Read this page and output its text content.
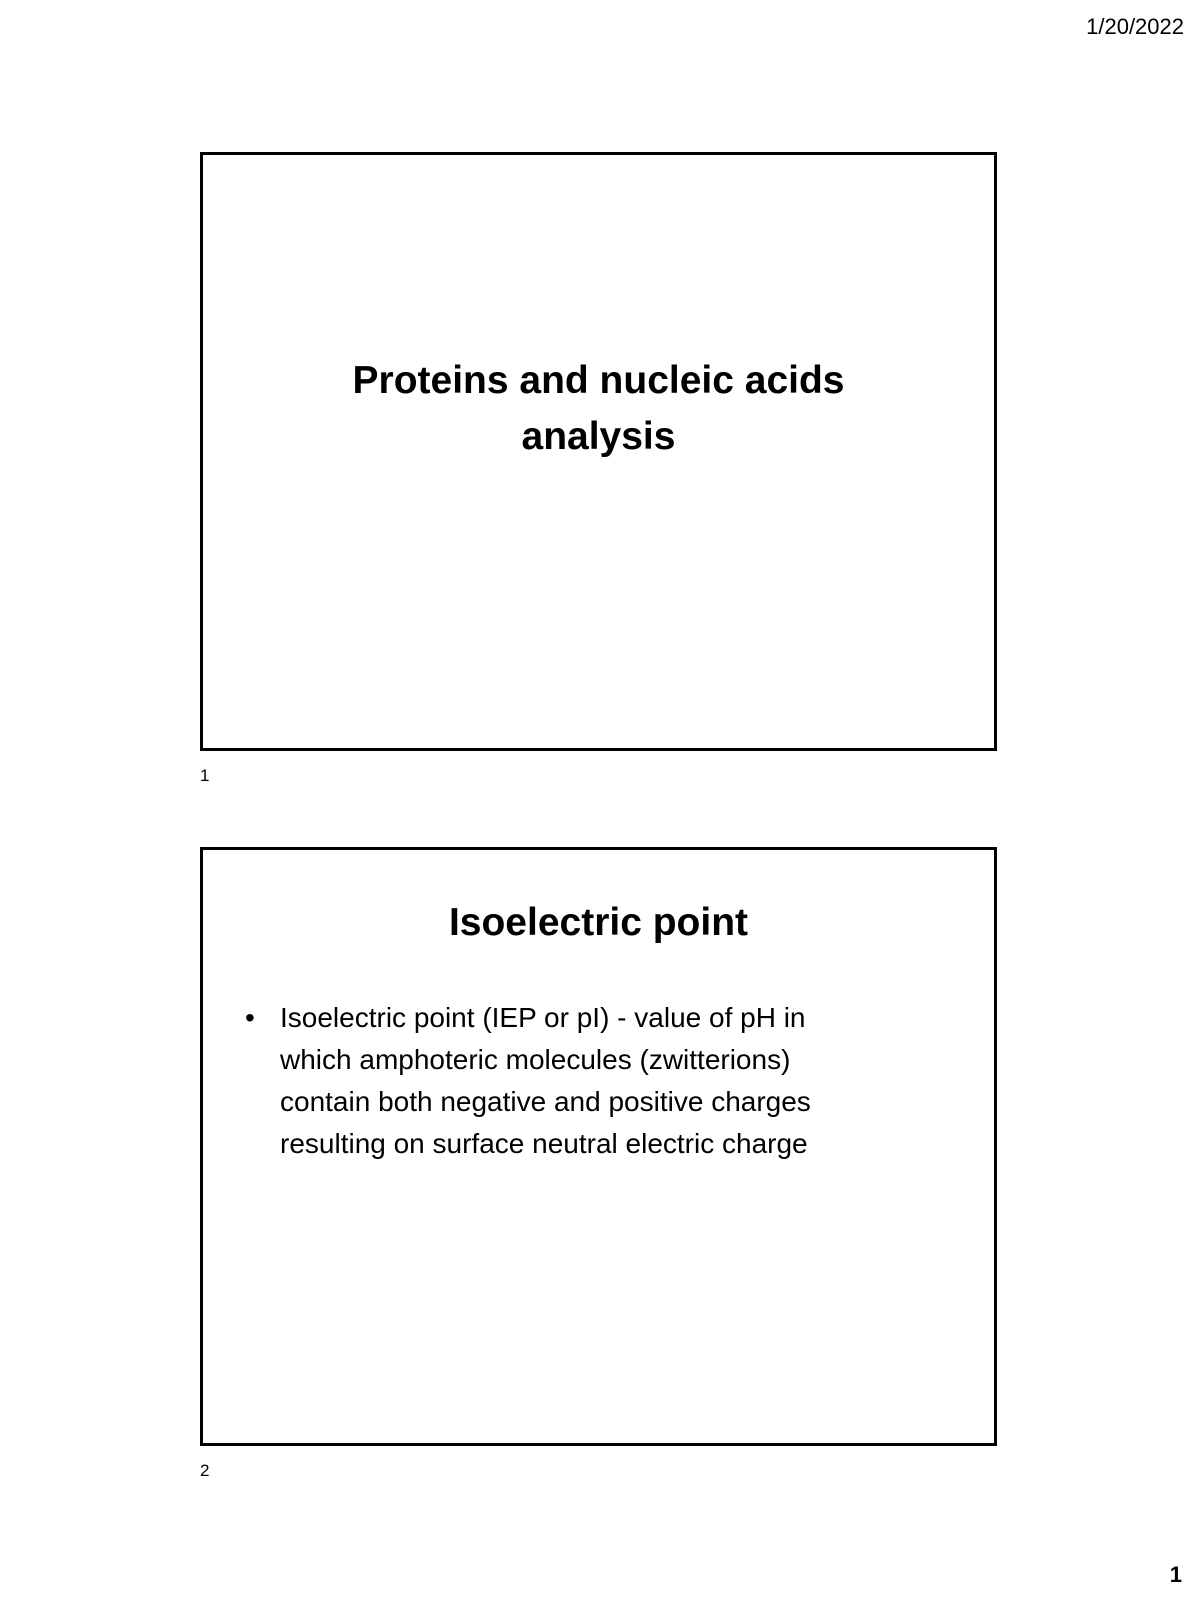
1/20/2022
Proteins and nucleic acids
analysis
1
Isoelectric point
• Isoelectric point (IEP or pI) - value of pH in
which amphoteric molecules (zwitterions)
contain both negative and positive charges
resulting on surface neutral electric charge
2
1
